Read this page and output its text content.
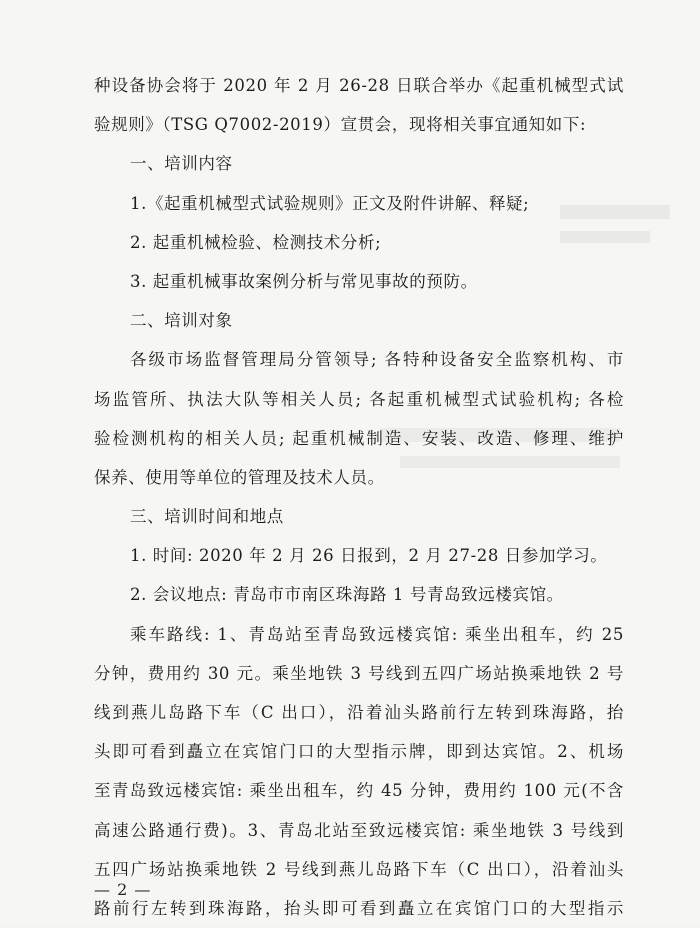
种设备协会将于 2020 年 2 月 26-28 日联合举办《起重机械型式试
验规则》（TSG Q7002-2019）宣贯会，现将相关事宜通知如下:
一、培训内容
1.《起重机械型式试验规则》正文及附件讲解、释疑;
2. 起重机械检验、检测技术分析;
3. 起重机械事故案例分析与常见事故的预防。
二、培训对象
各级市场监督管理局分管领导; 各特种设备安全监察机构、市
场监管所、执法大队等相关人员; 各起重机械型式试验机构; 各检
验检测机构的相关人员; 起重机械制造、安装、改造、修理、维护
保养、使用等单位的管理及技术人员。
三、培训时间和地点
1. 时间: 2020 年 2 月 26 日报到，2 月 27-28 日参加学习。
2. 会议地点: 青岛市市南区珠海路 1 号青岛致远楼宾馆。
乘车路线: 1、青岛站至青岛致远楼宾馆: 乘坐出租车，约 25
分钟，费用约 30 元。乘坐地铁 3 号线到五四广场站换乘地铁 2 号
线到燕儿岛路下车（C 出口），沿着汕头路前行左转到珠海路，抬
头即可看到矗立在宾馆门口的大型指示牌，即到达宾馆。2、机场
至青岛致远楼宾馆: 乘坐出租车，约 45 分钟，费用约 100 元(不含
高速公路通行费)。3、青岛北站至致远楼宾馆: 乘坐地铁 3 号线到
五四广场站换乘地铁 2 号线到燕儿岛路下车（C 出口），沿着汕头
路前行左转到珠海路，抬头即可看到矗立在宾馆门口的大型指示
— 2 —
